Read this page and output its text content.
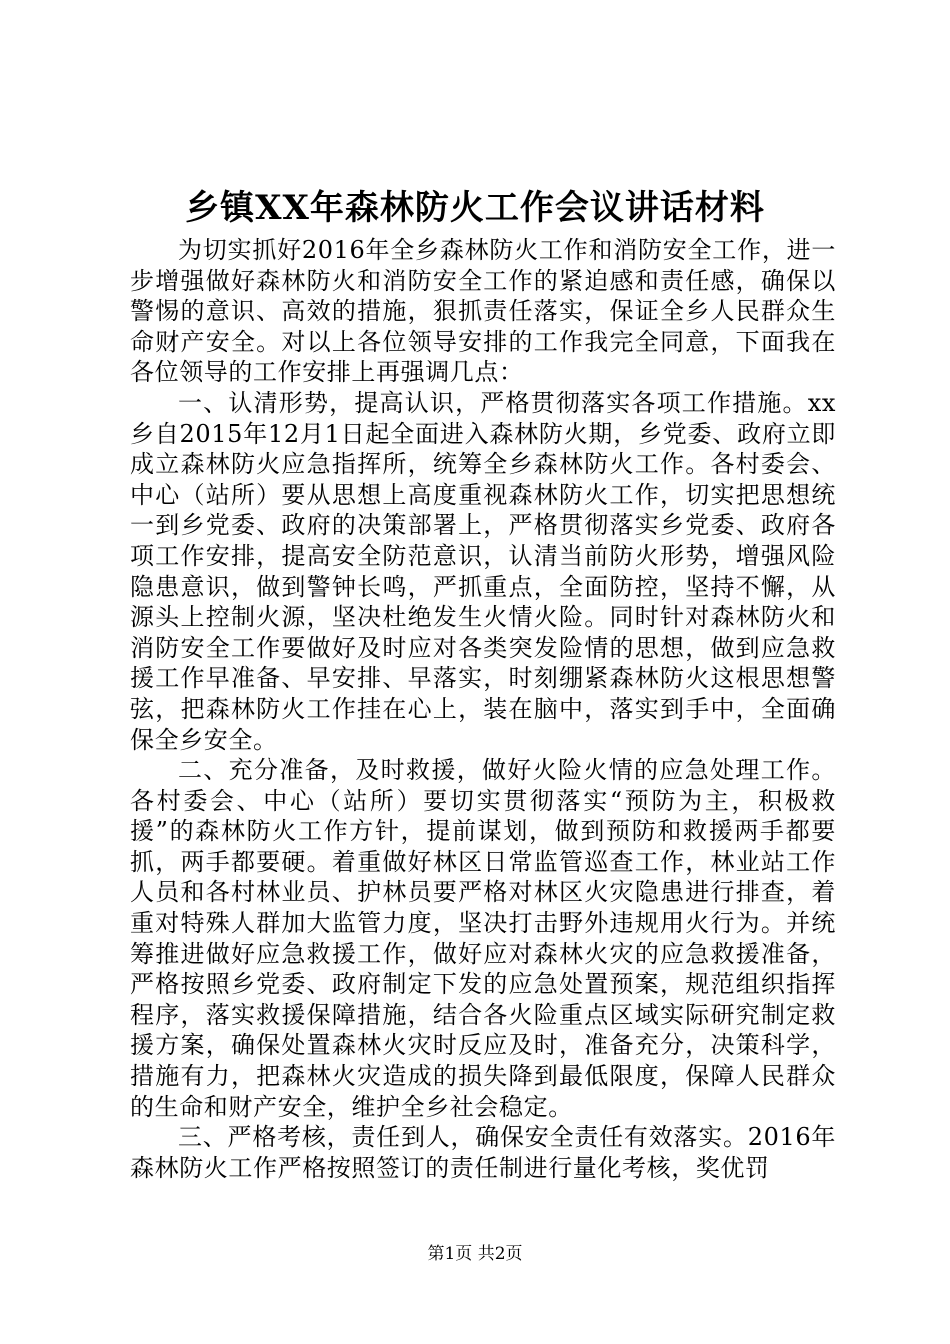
乡镇XX年森林防火工作会议讲话材料

为切实抓好2016年全乡森林防火工作和消防安全工作，进一步增强做好森林防火和消防安全工作的紧迫感和责任感，确保以警惕的意识、高效的措施，狠抓责任落实，保证全乡人民群众生命财产安全。对以上各位领导安排的工作我完全同意，下面我在各位领导的工作安排上再强调几点：

一、认清形势，提高认识，严格贯彻落实各项工作措施。xx乡自2015年12月1日起全面进入森林防火期，乡党委、政府立即成立森林防火应急指挥所，统筹全乡森林防火工作。各村委会、中心（站所）要从思想上高度重视森林防火工作，切实把思想统一到乡党委、政府的决策部署上，严格贯彻落实乡党委、政府各项工作安排，提高安全防范意识，认清当前防火形势，增强风险隐患意识，做到警钟长鸣，严抓重点，全面防控，坚持不懈，从源头上控制火源，坚决杜绝发生火情火险。同时针对森林防火和消防安全工作要做好及时应对各类突发险情的思想，做到应急救援工作早准备、早安排、早落实，时刻绷紧森林防火这根思想警弦，把森林防火工作挂在心上，装在脑中，落实到手中，全面确保全乡安全。

二、充分准备，及时救援，做好火险火情的应急处理工作。各村委会、中心（站所）要切实贯彻落实“预防为主，积极救援”的森林防火工作方针，提前谋划，做到预防和救援两手都要抓，两手都要硬。着重做好林区日常监管巡查工作，林业站工作人员和各村林业员、护林员要严格对林区火灾隐患进行排查，着重对特殊人群加大监管力度，坚决打击野外违规用火行为。并统筹推进做好应急救援工作，做好应对森林火灾的应急救援准备，严格按照乡党委、政府制定下发的应急处置预案，规范组织指挥程序，落实救援保障措施，结合各火险重点区域实际研究制定救援方案，确保处置森林火灾时反应及时，准备充分，决策科学，措施有力，把森林火灾造成的损失降到最低限度，保障人民群众的生命和财产安全，维护全乡社会稳定。

三、严格考核，责任到人，确保安全责任有效落实。2016年森林防火工作严格按照签订的责任制进行量化考核，奖优罚

第1页 共2页
